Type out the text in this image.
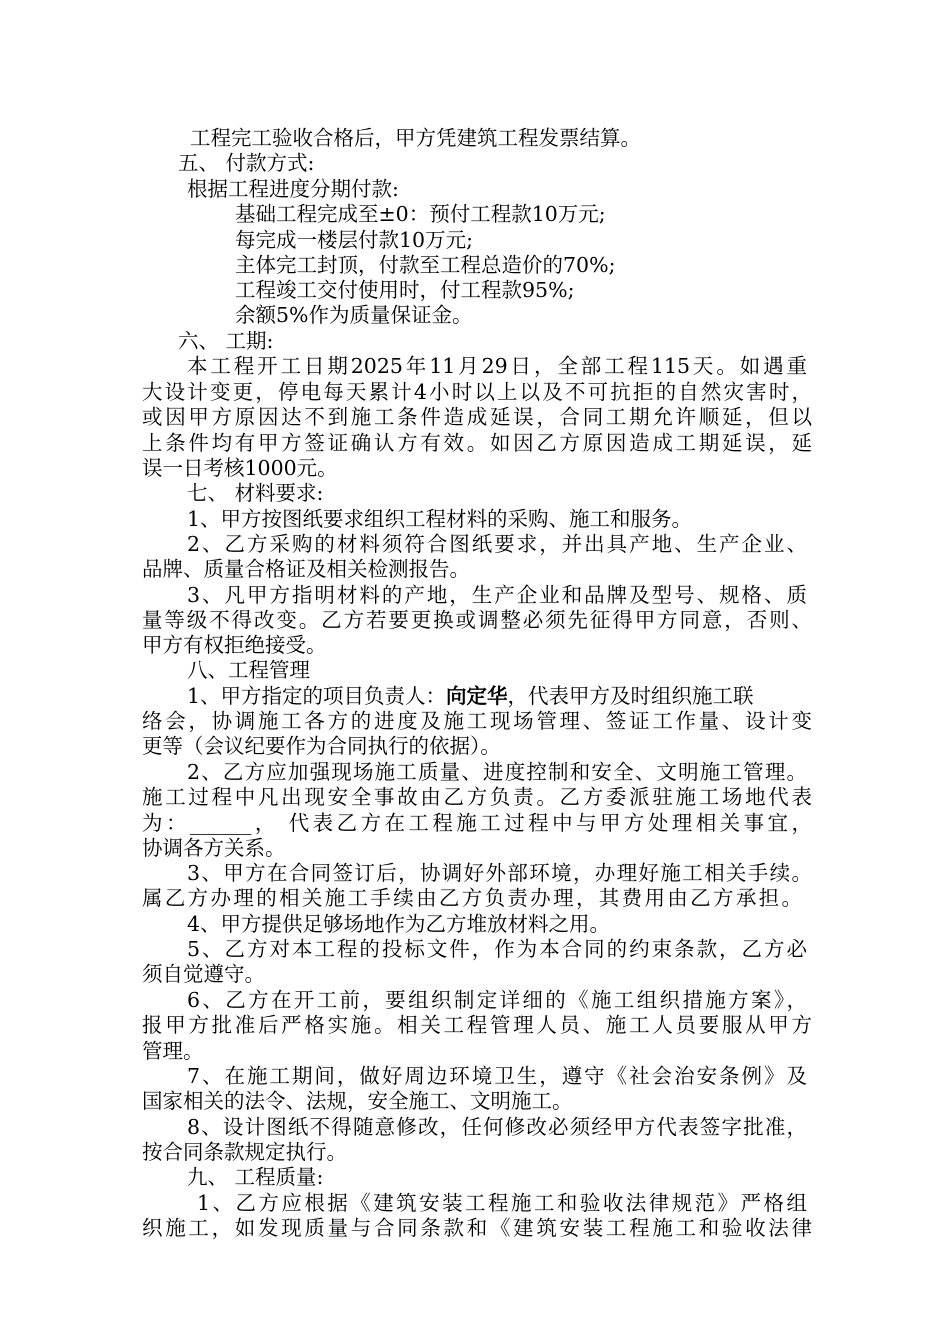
工程完工验收合格后，甲方凭建筑工程发票结算。
五、 付款方式:
根据工程进度分期付款:
基础工程完成至±0：预付工程款10万元;
每完成一楼层付款10万元;
主体完工封顶，付款至工程总造价的70%;
工程竣工交付使用时，付工程款95%;
余额5%作为质量保证金。
六、 工期:
本工程开工日期2025年11月29日，全部工程115天。如遇重
大设计变更，停电每天累计4小时以上以及不可抗拒的自然灾害时，
或因甲方原因达不到施工条件造成延误，合同工期允许顺延，但以
上条件均有甲方签证确认方有效。如因乙方原因造成工期延误，延
误一日考核1000元。
七、 材料要求:
1、甲方按图纸要求组织工程材料的采购、施工和服务。
2、乙方采购的材料须符合图纸要求，并出具产地、生产企业、
品牌、质量合格证及相关检测报告。
3、凡甲方指明材料的产地，生产企业和品牌及型号、规格、质
量等级不得改变。乙方若要更换或调整必须先征得甲方同意，否则、
甲方有权拒绝接受。
八、工程管理
1、甲方指定的项目负责人：向定华，代表甲方及时组织施工联
络会，协调施工各方的进度及施工现场管理、签证工作量、设计变
更等（会议纪要作为合同执行的依据）。
2、乙方应加强现场施工质量、进度控制和安全、文明施工管理。
施工过程中凡出现安全事故由乙方负责。乙方委派驻施工场地代表
为：______， 代表乙方在工程施工过程中与甲方处理相关事宜，
协调各方关系。
3、甲方在合同签订后，协调好外部环境，办理好施工相关手续。
属乙方办理的相关施工手续由乙方负责办理，其费用由乙方承担。
4、甲方提供足够场地作为乙方堆放材料之用。
5、乙方对本工程的投标文件，作为本合同的约束条款，乙方必
须自觉遵守。
6、乙方在开工前，要组织制定详细的《施工组织措施方案》，
报甲方批准后严格实施。相关工程管理人员、施工人员要服从甲方
管理。
7、在施工期间，做好周边环境卫生，遵守《社会治安条例》及
国家相关的法令、法规，安全施工、文明施工。
8、设计图纸不得随意修改，任何修改必须经甲方代表签字批准，
按合同条款规定执行。
九、 工程质量:
1、乙方应根据《建筑安装工程施工和验收法律规范》严格组
织施工，如发现质量与合同条款和《建筑安装工程施工和验收法律
